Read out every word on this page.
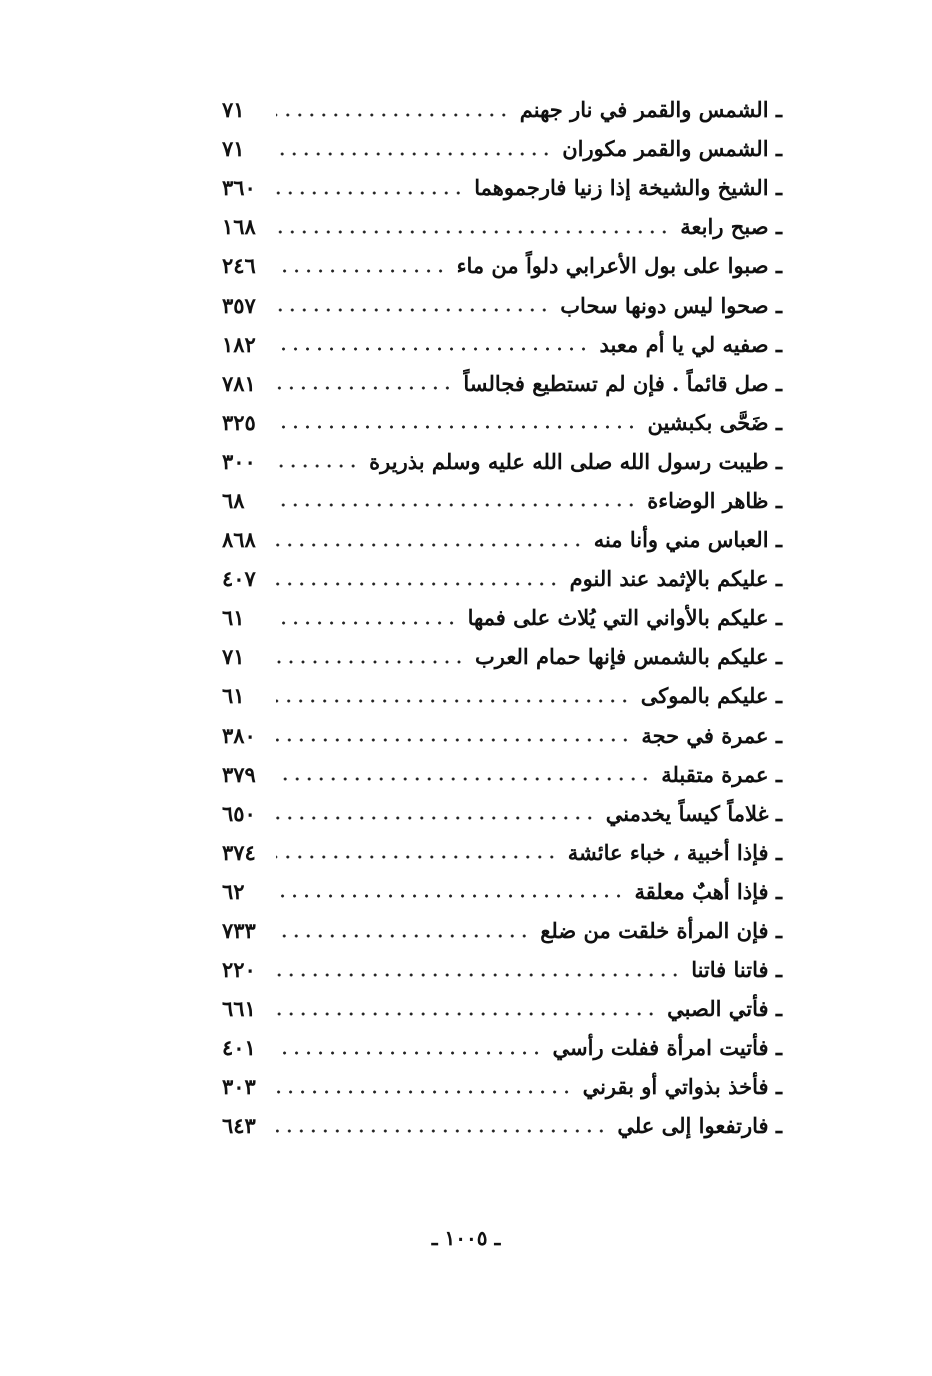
ـ الشمس والقمر في نار جهنم
٧١
ـ الشمس والقمر مكوران
٧١
ـ الشيخ والشيخة إذا زنيا فارجموهما
٣٦٠
ـ صبح رابعة
١٦٨
ـ صبوا على بول الأعرابي دلواً من ماء
٢٤٦
ـ صحوا ليس دونها سحاب
٣٥٧
ـ صفيه لي يا أم معبد
١٨٢
ـ صل قائماً . فإن لم تستطيع فجالساً
٧٨١
ـ ضَحَّى بكبشين
٣٢٥
ـ طيبت رسول الله صلى الله عليه وسلم بذريرة
٣٠٠
ـ ظاهر الوضاءة
٦٨
ـ العباس مني وأنا منه
٨٦٨
ـ عليكم بالإثمد عند النوم
٤٠٧
ـ عليكم بالأواني التي يُلاث على فمها
٦١
ـ عليكم بالشمس فإنها حمام العرب
٧١
ـ عليكم بالموكى
٦١
ـ عمرة في حجة
٣٨٠
ـ عمرة متقبلة
٣٧٩
ـ غلاماً كيساً يخدمني
٦٥٠
ـ فإذا أخبية ، خباء عائشة
٣٧٤
ـ فإذا أهبٌ معلقة
٦٢
ـ فإن المرأة خلقت من ضلع
٧٣٣
ـ فاتنا فاتنا
٢٢٠
ـ فأتي الصبي
٦٦١
ـ فأتيت امرأة ففلت رأسي
٤٠١
ـ فأخذ بذواتي أو بقرني
٣٠٣
ـ فارتفعوا إلى علي
٦٤٣
ـ ١٠٠٥ ـ
